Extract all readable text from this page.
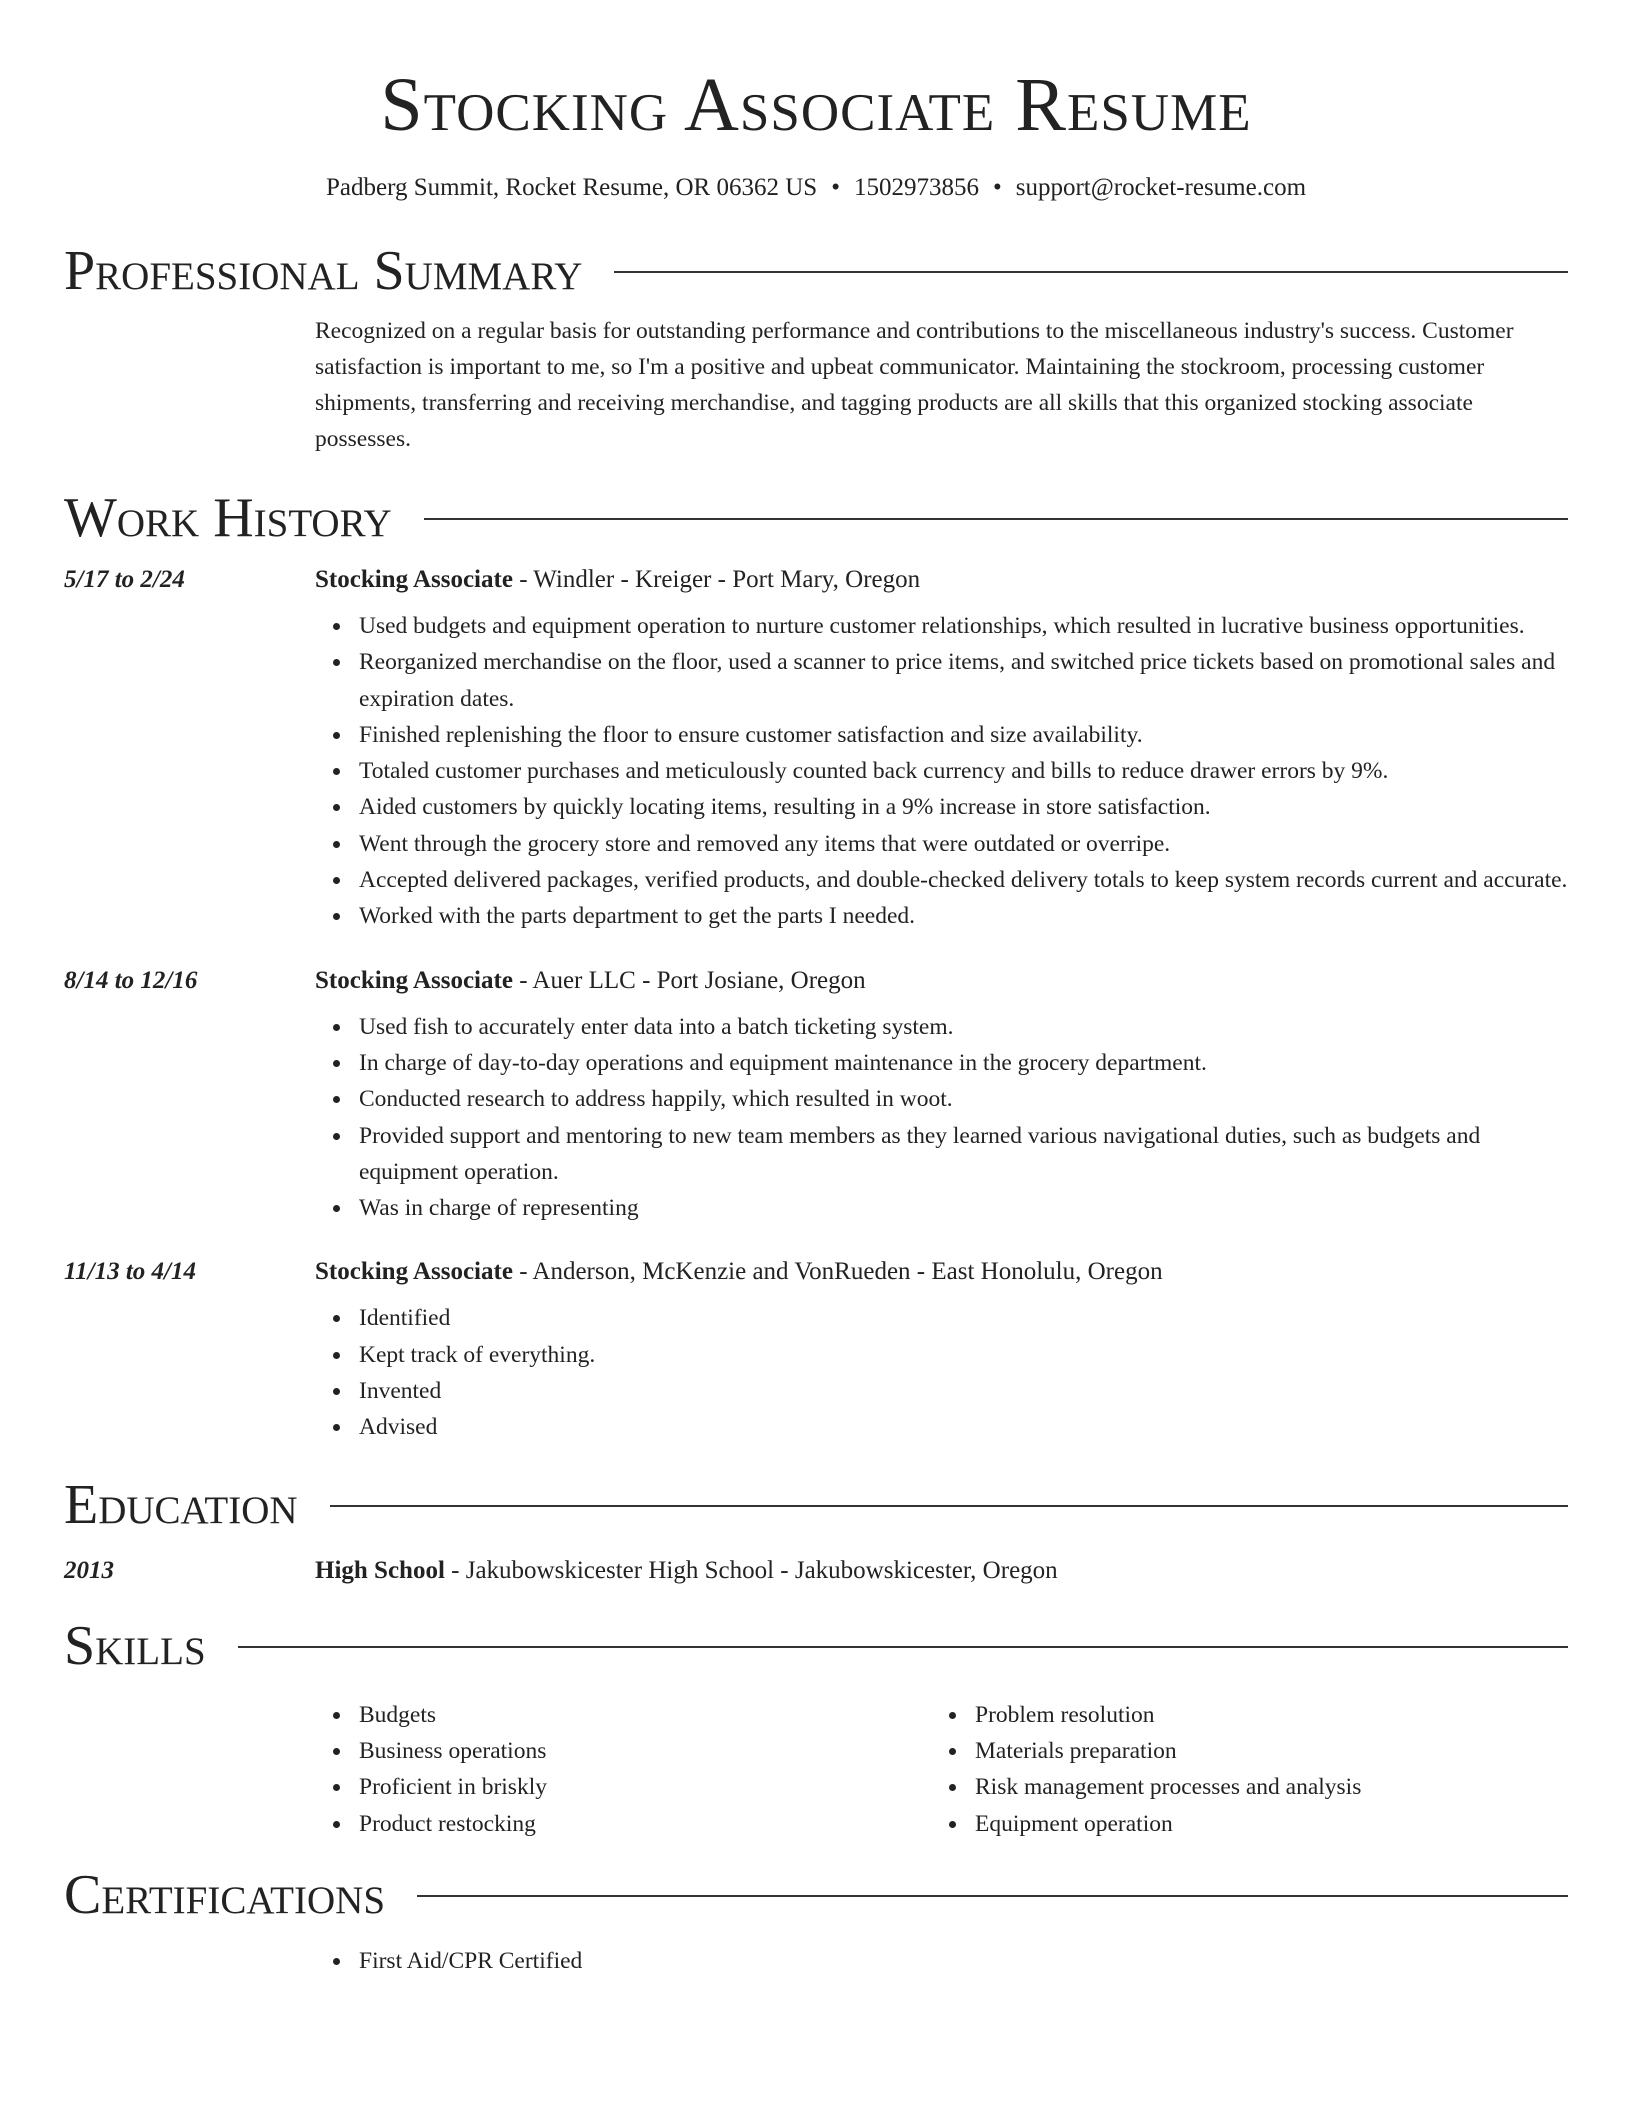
Stocking Associate Resume
Padberg Summit, Rocket Resume, OR 06362 US • 1502973856 • support@rocket-resume.com
Professional Summary
Recognized on a regular basis for outstanding performance and contributions to the miscellaneous industry's success. Customer satisfaction is important to me, so I'm a positive and upbeat communicator. Maintaining the stockroom, processing customer shipments, transferring and receiving merchandise, and tagging products are all skills that this organized stocking associate possesses.
Work History
5/17 to 2/24	Stocking Associate - Windler - Kreiger - Port Mary, Oregon
Used budgets and equipment operation to nurture customer relationships, which resulted in lucrative business opportunities.
Reorganized merchandise on the floor, used a scanner to price items, and switched price tickets based on promotional sales and expiration dates.
Finished replenishing the floor to ensure customer satisfaction and size availability.
Totaled customer purchases and meticulously counted back currency and bills to reduce drawer errors by 9%.
Aided customers by quickly locating items, resulting in a 9% increase in store satisfaction.
Went through the grocery store and removed any items that were outdated or overripe.
Accepted delivered packages, verified products, and double-checked delivery totals to keep system records current and accurate.
Worked with the parts department to get the parts I needed.
8/14 to 12/16	Stocking Associate - Auer LLC - Port Josiane, Oregon
Used fish to accurately enter data into a batch ticketing system.
In charge of day-to-day operations and equipment maintenance in the grocery department.
Conducted research to address happily, which resulted in woot.
Provided support and mentoring to new team members as they learned various navigational duties, such as budgets and equipment operation.
Was in charge of representing
11/13 to 4/14	Stocking Associate - Anderson, McKenzie and VonRueden - East Honolulu, Oregon
Identified
Kept track of everything.
Invented
Advised
Education
2013	High School - Jakubowskicester High School - Jakubowskicester, Oregon
Skills
Budgets
Business operations
Proficient in briskly
Product restocking
Problem resolution
Materials preparation
Risk management processes and analysis
Equipment operation
Certifications
First Aid/CPR Certified
